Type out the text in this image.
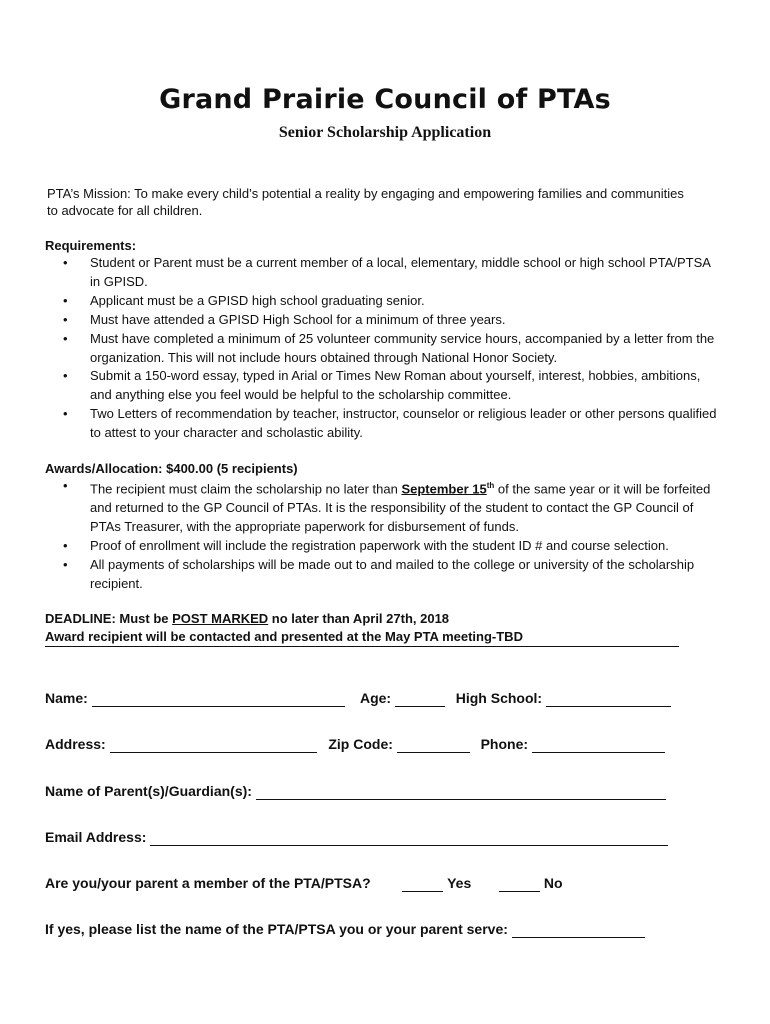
Grand Prairie Council of PTAs
Senior Scholarship Application
PTA’s Mission: To make every child’s potential a reality by engaging and empowering families and communities to advocate for all children.
Requirements:
• Student or Parent must be a current member of a local, elementary, middle school or high school PTA/PTSA in GPISD.
• Applicant must be a GPISD high school graduating senior.
• Must have attended a GPISD High School for a minimum of three years.
• Must have completed a minimum of 25 volunteer community service hours, accompanied by a letter from the organization. This will not include hours obtained through National Honor Society.
• Submit a 150-word essay, typed in Arial or Times New Roman about yourself, interest, hobbies, ambitions, and anything else you feel would be helpful to the scholarship committee.
• Two Letters of recommendation by teacher, instructor, counselor or religious leader or other persons qualified to attest to your character and scholastic ability.
Awards/Allocation: $400.00 (5 recipients)
• The recipient must claim the scholarship no later than September 15th of the same year or it will be forfeited and returned to the GP Council of PTAs. It is the responsibility of the student to contact the GP Council of PTAs Treasurer, with the appropriate paperwork for disbursement of funds.
• Proof of enrollment will include the registration paperwork with the student ID # and course selection.
• All payments of scholarships will be made out to and mailed to the college or university of the scholarship recipient.
DEADLINE: Must be POST MARKED no later than April 27th, 2018
Award recipient will be contacted and presented at the May PTA meeting-TBD
Name:	Age:	High School:
Address:	Zip Code:	Phone:
Name of Parent(s)/Guardian(s):
Email Address:
Are you/your parent a member of the PTA/PTSA?	Yes	No
If yes, please list the name of the PTA/PTSA you or your parent serve:
